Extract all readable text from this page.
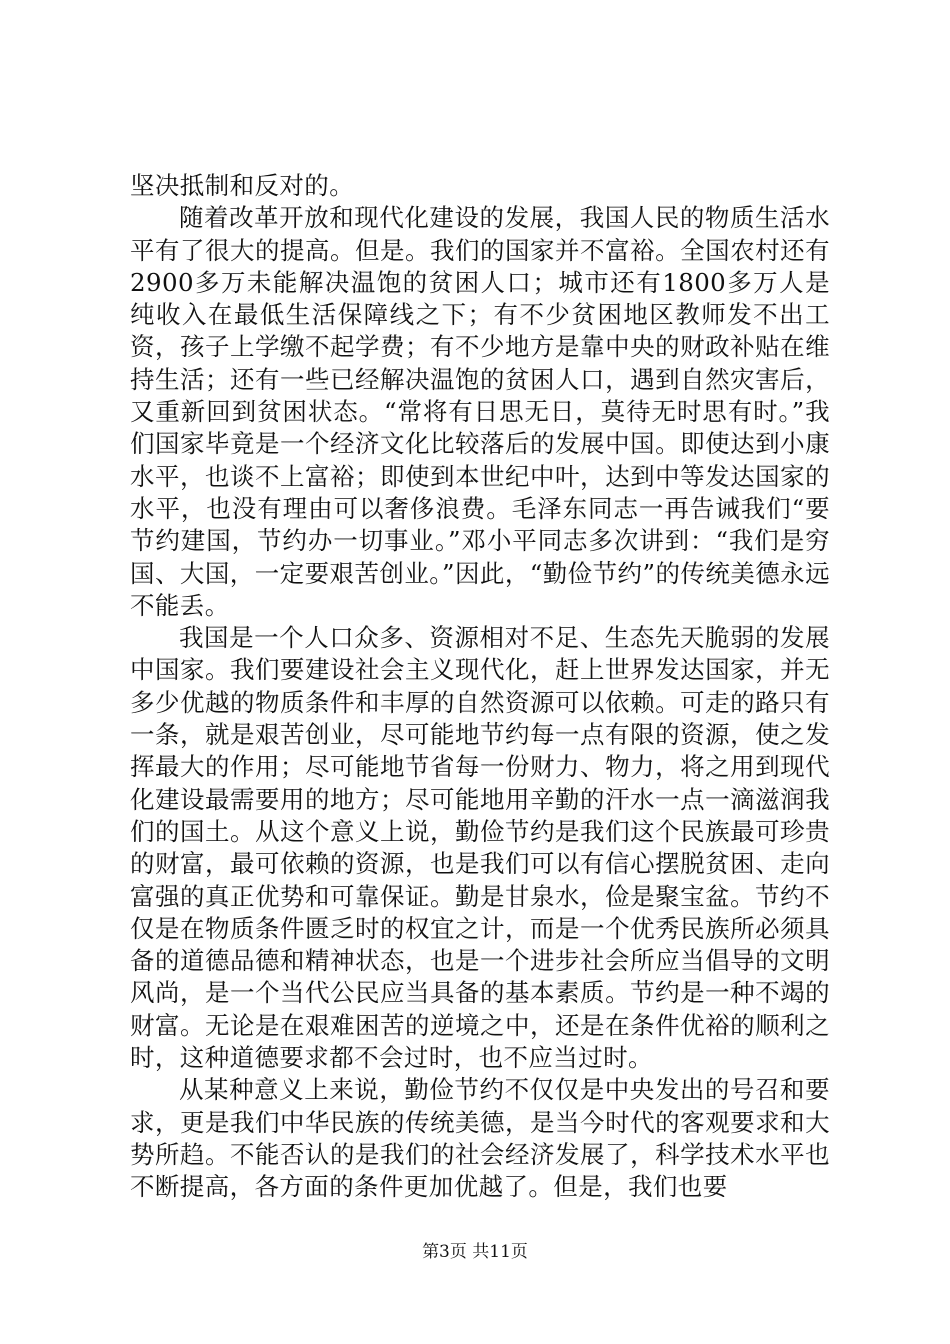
坚决抵制和反对的。

随着改革开放和现代化建设的发展，我国人民的物质生活水平有了很大的提高。但是。我们的国家并不富裕。全国农村还有2900多万未能解决温饱的贫困人口；城市还有1800多万人是纯收入在最低生活保障线之下；有不少贫困地区教师发不出工资，孩子上学缴不起学费；有不少地方是靠中央的财政补贴在维持生活；还有一些已经解决温饱的贫困人口，遇到自然灾害后，又重新回到贫困状态。“常将有日思无日，莫待无时思有时。”我们国家毕竟是一个经济文化比较落后的发展中国。即使达到小康水平，也谈不上富裕；即使到本世纪中叶，达到中等发达国家的水平，也没有理由可以奢侈浪费。毛泽东同志一再告诫我们“要节约建国，节约办一切事业。”邓小平同志多次讲到：“我们是穷国、大国，一定要艰苦创业。”因此，“勤俭节约”的传统美德永远不能丢。

我国是一个人口众多、资源相对不足、生态先天脆弱的发展中国家。我们要建设社会主义现代化，赶上世界发达国家，并无多少优越的物质条件和丰厚的自然资源可以依赖。可走的路只有一条，就是艰苦创业，尽可能地节约每一点有限的资源，使之发挥最大的作用；尽可能地节省每一份财力、物力，将之用到现代化建设最需要用的地方；尽可能地用辛勤的汗水一点一滴滋润我们的国土。从这个意义上说，勤俭节约是我们这个民族最可珍贵的财富，最可依赖的资源，也是我们可以有信心摆脱贫困、走向富强的真正优势和可靠保证。勤是甘泉水，俭是聚宝盆。节约不仅是在物质条件匮乏时的权宜之计，而是一个优秀民族所必须具备的道德品德和精神状态，也是一个进步社会所应当倡导的文明风尚，是一个当代公民应当具备的基本素质。节约是一种不竭的财富。无论是在艰难困苦的逆境之中，还是在条件优裕的顺利之时，这种道德要求都不会过时，也不应当过时。

从某种意义上来说，勤俭节约不仅仅是中央发出的号召和要求，更是我们中华民族的传统美德，是当今时代的客观要求和大势所趋。不能否认的是我们的社会经济发展了，科学技术水平也不断提高，各方面的条件更加优越了。但是，我们也要

第3页 共11页
